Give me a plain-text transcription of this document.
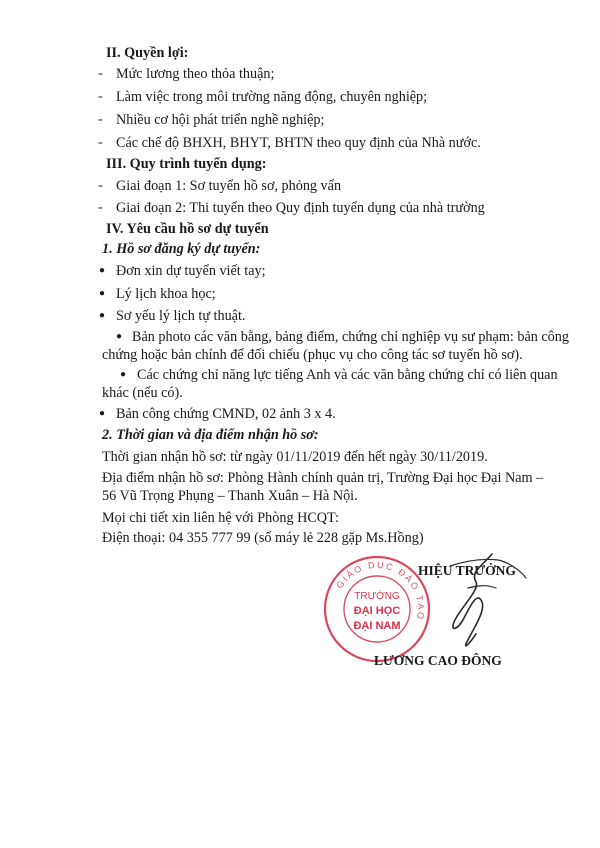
II. Quyền lợi:
- Mức lương theo thỏa thuận;
- Làm việc trong môi trường năng động, chuyên nghiệp;
- Nhiều cơ hội phát triển nghề nghiệp;
- Các chế độ BHXH, BHYT, BHTN theo quy định của Nhà nước.
III. Quy trình tuyển dụng:
- Giai đoạn 1: Sơ tuyển hồ sơ, phỏng vấn
- Giai đoạn 2: Thi tuyển theo Quy định tuyển dụng của nhà trường
IV. Yêu cầu hồ sơ dự tuyển
1. Hồ sơ đăng ký dự tuyển:
● Đơn xin dự tuyển viết tay;
● Lý lịch khoa học;
● Sơ yếu lý lịch tự thuật.
● Bản photo các văn bằng, bảng điểm, chứng chỉ nghiệp vụ sư phạm: bản công
chứng hoặc bản chính để đối chiếu (phục vụ cho công tác sơ tuyển hồ sơ).
● Các chứng chỉ năng lực tiếng Anh và các văn bằng chứng chỉ có liên quan
khác (nếu có).
● Bản công chứng CMND, 02 ảnh 3 x 4.
2. Thời gian và địa điểm nhận hồ sơ:
Thời gian nhận hồ sơ: từ ngày 01/11/2019 đến hết ngày 30/11/2019.
Địa điểm nhận hồ sơ: Phòng Hành chính quản trị, Trường Đại học Đại Nam –
56 Vũ Trọng Phụng – Thanh Xuân – Hà Nội.
Mọi chi tiết xin liên hệ với Phòng HCQT:
Điện thoại: 04 355 777 99 (số máy lẻ 228 gặp Ms.Hồng)
HIỆU TRƯỞNG
GIÁO DỤC ĐÀO TẠO
TRƯỜNG
ĐẠI HỌC
ĐẠI NAM
LƯƠNG CAO ĐÔNG
